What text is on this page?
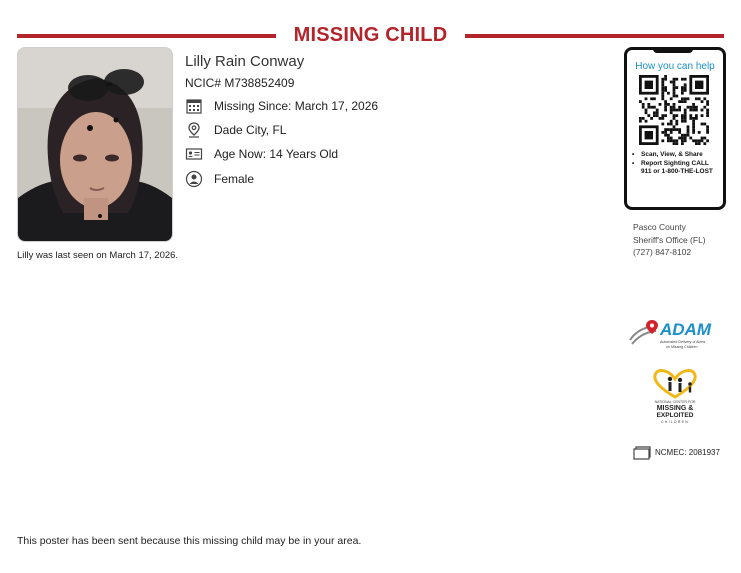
MISSING CHILD
Lilly Rain Conway
NCIC# M738852409
Missing Since: March 17, 2026
Dade City, FL
Age Now: 14 Years Old
Female
Lilly was last seen on March 17, 2026.
How you can help
• Scan, View, & Share
• Report Sighting CALL 911 or 1-800-THE-LOST
Pasco County
Sheriff's Office (FL)
(727) 847-8102
ADAM
Automated Delivery of Alerts
on Missing Children
NATIONAL CENTER FOR
MISSING &
EXPLOITED
CHILDREN
NCMEC: 2081937
This poster has been sent because this missing child may be in your area.
